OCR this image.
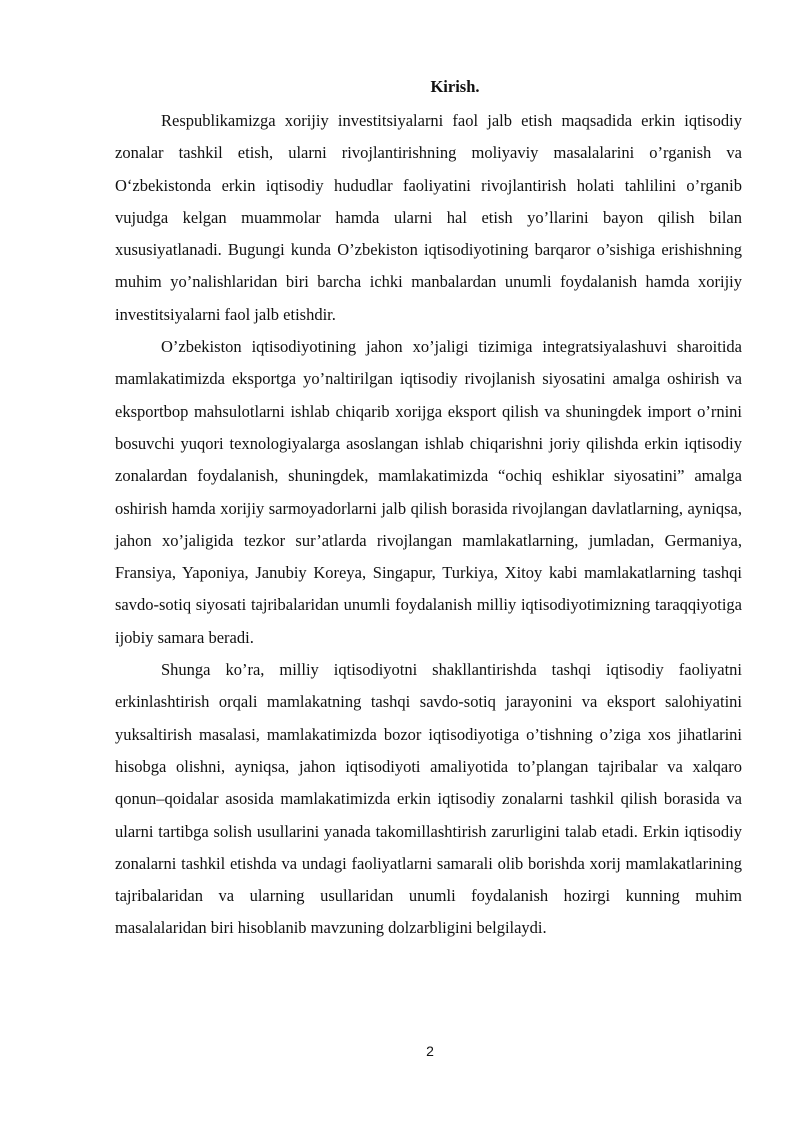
Kirish.

Respublikamizga xorijiy investitsiyalarni faol jalb etish maqsadida erkin iqtisodiy zonalar tashkil etish, ularni rivojlantirishning moliyaviy masalalarini o’rganish va O‘zbekistonda erkin iqtisodiy hududlar faoliyatini rivojlantirish holati tahlilini o’rganib vujudga kelgan muammolar hamda ularni hal etish yo’llarini bayon qilish bilan xususiyatlanadi. Bugungi kunda O’zbekiston iqtisodiyotining barqaror o’sishiga erishishning muhim yo’nalishlaridan biri barcha ichki manbalardan unumli foydalanish hamda xorijiy investitsiyalarni faol jalb etishdir.

O’zbekiston iqtisodiyotining jahon xo’jaligi tizimiga integratsiyalashuvi sharoitida mamlakatimizda eksportga yo’naltirilgan iqtisodiy rivojlanish siyosatini amalga oshirish va eksportbop mahsulotlarni ishlab chiqarib xorijga eksport qilish va shuningdek import o’rnini bosuvchi yuqori texnologiyalarga asoslangan ishlab chiqarishni joriy qilishda erkin iqtisodiy zonalardan foydalanish, shuningdek, mamlakatimizda “ochiq eshiklar siyosatini” amalga oshirish hamda xorijiy sarmoyadorlarni jalb qilish borasida rivojlangan davlatlarning, ayniqsa, jahon xo’jaligida tezkor sur’atlarda rivojlangan mamlakatlarning, jumladan, Germaniya, Fransiya, Yaponiya, Janubiy Koreya, Singapur, Turkiya, Xitoy kabi mamlakatlarning tashqi savdo-sotiq siyosati tajribalaridan unumli foydalanish milliy iqtisodiyotimizning taraqqiyotiga ijobiy samara beradi.

Shunga ko’ra, milliy iqtisodiyotni shakllantirishda tashqi iqtisodiy faoliyatni erkinlashtirish orqali mamlakatning tashqi savdo-sotiq jarayonini va eksport salohiyatini yuksaltirish masalasi, mamlakatimizda bozor iqtisodiyotiga o’tishning o’ziga xos jihatlarini hisobga olishni, ayniqsa, jahon iqtisodiyoti amaliyotida to’plangan tajribalar va xalqaro qonun–qoidalar asosida mamlakatimizda erkin iqtisodiy zonalarni tashkil qilish borasida va ularni tartibga solish usullarini yanada takomillashtirish zarurligini talab etadi. Erkin iqtisodiy zonalarni tashkil etishda va undagi faoliyatlarni samarali olib borishda xorij mamlakatlarining tajribalaridan va ularning usullaridan unumli foydalanish hozirgi kunning muhim masalalaridan biri hisoblanib mavzuning dolzarbligini belgilaydi.

2
